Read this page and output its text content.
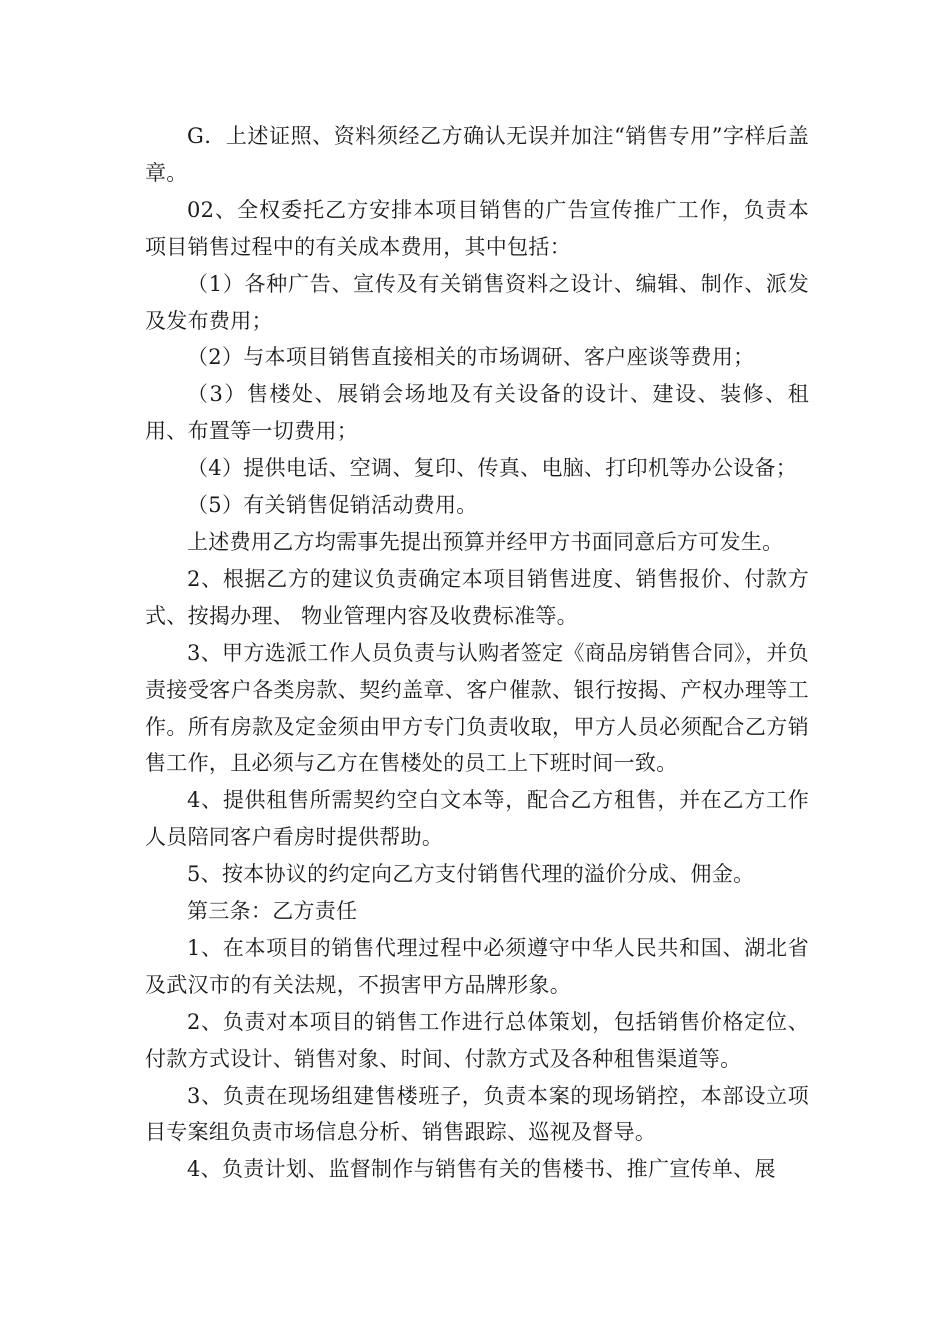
G．上述证照、资料须经乙方确认无误并加注“销售专用”字样后盖章。

02、全权委托乙方安排本项目销售的广告宣传推广工作，负责本项目销售过程中的有关成本费用，其中包括：

（1）各种广告、宣传及有关销售资料之设计、编辑、制作、派发及发布费用；

（2）与本项目销售直接相关的市场调研、客户座谈等费用；

（3）售楼处、展销会场地及有关设备的设计、建设、装修、租用、布置等一切费用；

（4）提供电话、空调、复印、传真、电脑、打印机等办公设备；

（5）有关销售促销活动费用。

上述费用乙方均需事先提出预算并经甲方书面同意后方可发生。

2、根据乙方的建议负责确定本项目销售进度、销售报价、付款方式、按揭办理、 物业管理内容及收费标准等。

3、甲方选派工作人员负责与认购者签定《商品房销售合同》，并负责接受客户各类房款、契约盖章、客户催款、银行按揭、产权办理等工作。所有房款及定金须由甲方专门负责收取，甲方人员必须配合乙方销售工作，且必须与乙方在售楼处的员工上下班时间一致。

4、提供租售所需契约空白文本等，配合乙方租售，并在乙方工作人员陪同客户看房时提供帮助。

5、按本协议的约定向乙方支付销售代理的溢价分成、佣金。

第三条：乙方责任

1、在本项目的销售代理过程中必须遵守中华人民共和国、湖北省及武汉市的有关法规，不损害甲方品牌形象。

2、负责对本项目的销售工作进行总体策划，包括销售价格定位、付款方式设计、销售对象、时间、付款方式及各种租售渠道等。

3、负责在现场组建售楼班子，负责本案的现场销控，本部设立项目专案组负责市场信息分析、销售跟踪、巡视及督导。

4、负责计划、监督制作与销售有关的售楼书、推广宣传单、展
